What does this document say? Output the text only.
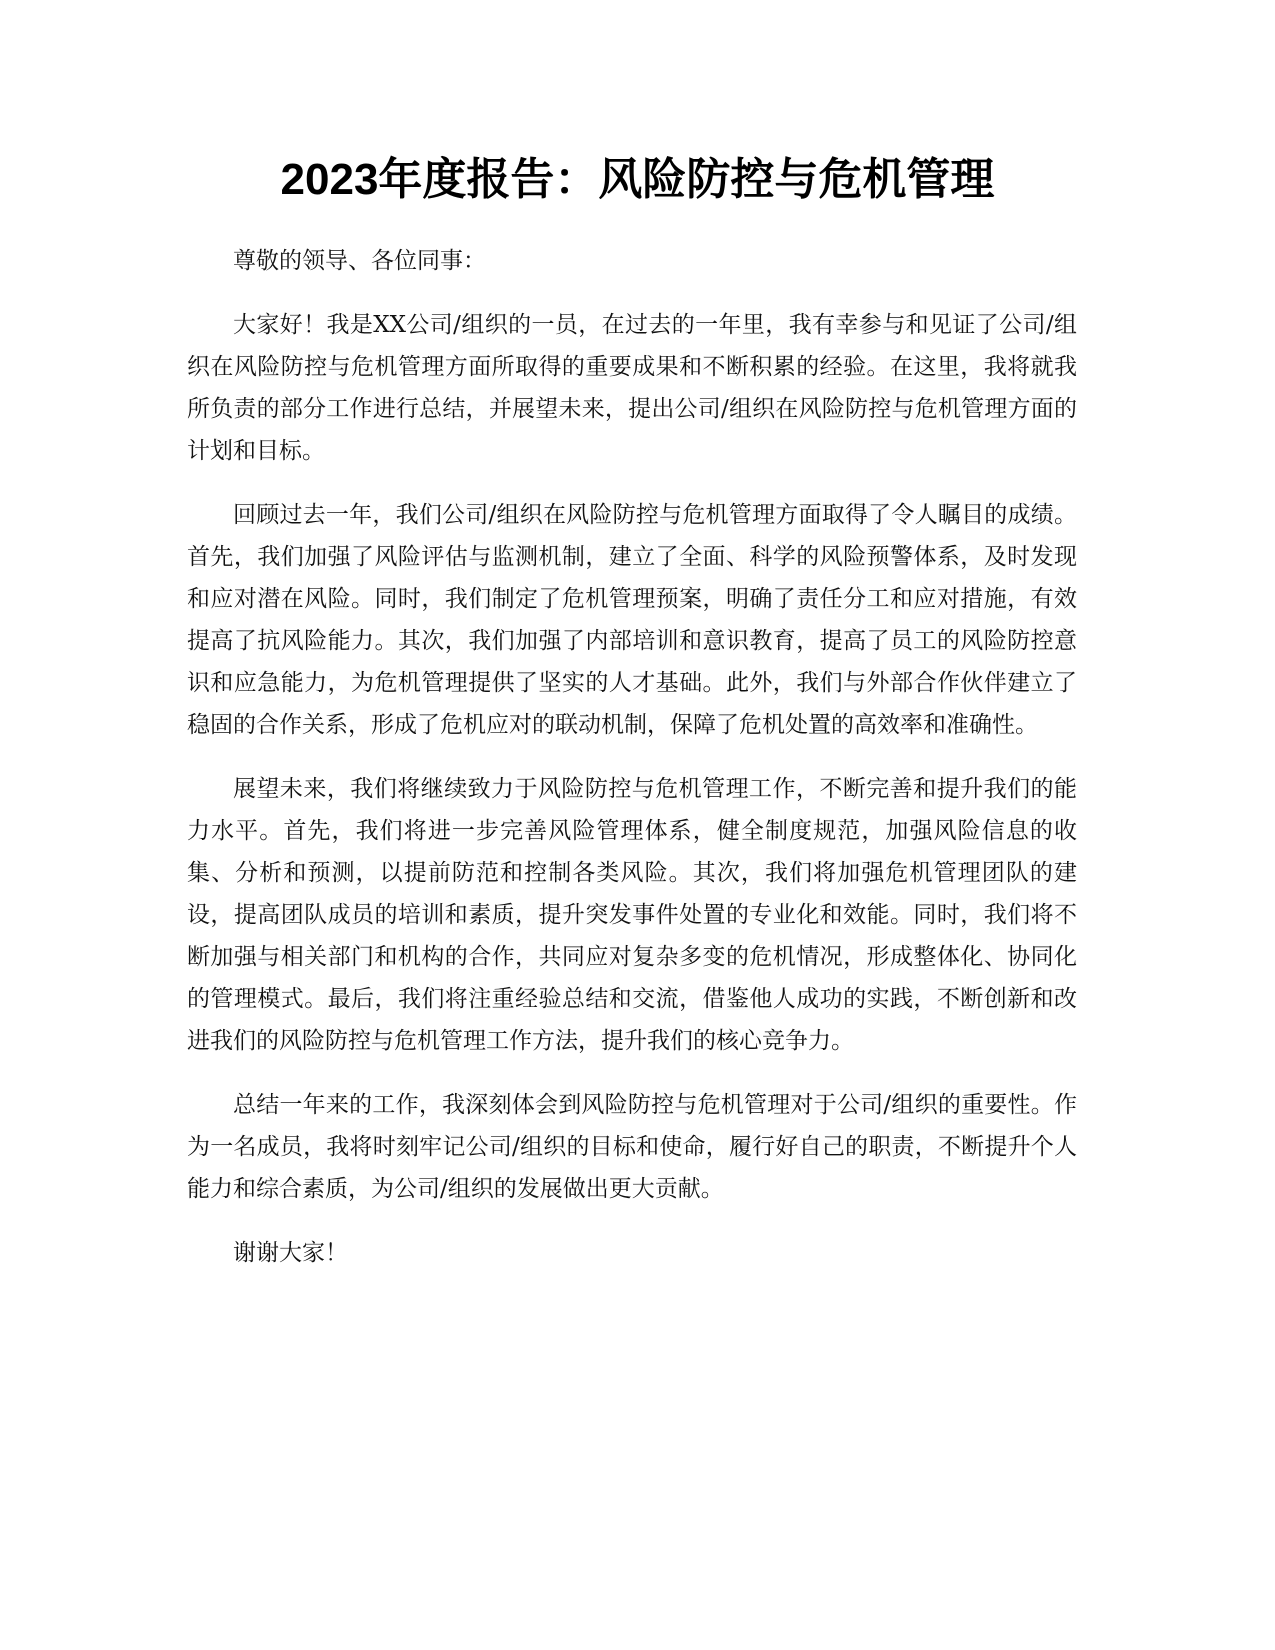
2023年度报告：风险防控与危机管理

尊敬的领导、各位同事：

大家好！我是XX公司/组织的一员，在过去的一年里，我有幸参与和见证了公司/组织在风险防控与危机管理方面所取得的重要成果和不断积累的经验。在这里，我将就我所负责的部分工作进行总结，并展望未来，提出公司/组织在风险防控与危机管理方面的计划和目标。

回顾过去一年，我们公司/组织在风险防控与危机管理方面取得了令人瞩目的成绩。首先，我们加强了风险评估与监测机制，建立了全面、科学的风险预警体系，及时发现和应对潜在风险。同时，我们制定了危机管理预案，明确了责任分工和应对措施，有效提高了抗风险能力。其次，我们加强了内部培训和意识教育，提高了员工的风险防控意识和应急能力，为危机管理提供了坚实的人才基础。此外，我们与外部合作伙伴建立了稳固的合作关系，形成了危机应对的联动机制，保障了危机处置的高效率和准确性。

展望未来，我们将继续致力于风险防控与危机管理工作，不断完善和提升我们的能力水平。首先，我们将进一步完善风险管理体系，健全制度规范，加强风险信息的收集、分析和预测，以提前防范和控制各类风险。其次，我们将加强危机管理团队的建设，提高团队成员的培训和素质，提升突发事件处置的专业化和效能。同时，我们将不断加强与相关部门和机构的合作，共同应对复杂多变的危机情况，形成整体化、协同化的管理模式。最后，我们将注重经验总结和交流，借鉴他人成功的实践，不断创新和改进我们的风险防控与危机管理工作方法，提升我们的核心竞争力。

总结一年来的工作，我深刻体会到风险防控与危机管理对于公司/组织的重要性。作为一名成员，我将时刻牢记公司/组织的目标和使命，履行好自己的职责，不断提升个人能力和综合素质，为公司/组织的发展做出更大贡献。

谢谢大家！
